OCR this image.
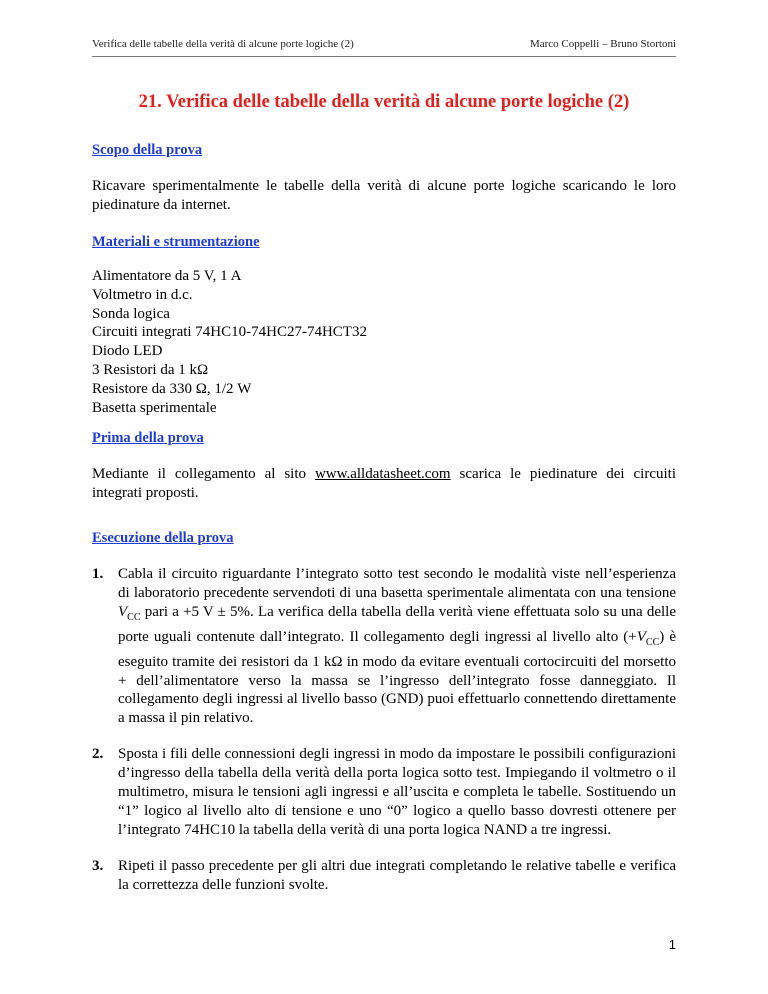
Verifica delle tabelle della verità di alcune porte logiche (2)	Marco Coppelli – Bruno Stortoni
21. Verifica delle tabelle della verità di alcune porte logiche (2)
Scopo della prova

Ricavare sperimentalmente le tabelle della verità di alcune porte logiche scaricando le loro piedinature da internet.

Materiali e strumentazione
Alimentatore da 5 V, 1 A
Voltmetro in d.c.
Sonda logica
Circuiti integrati 74HC10-74HC27-74HCT32
Diodo LED
3 Resistori da 1 kΩ
Resistore da 330 Ω, 1/2 W
Basetta sperimentale
Prima della prova

Mediante il collegamento al sito www.alldatasheet.com scarica le piedinature dei circuiti integrati proposti.

Esecuzione della prova
1. Cabla il circuito riguardante l’integrato sotto test secondo le modalità viste nell’esperienza di laboratorio precedente servendoti di una basetta sperimentale alimentata con una tensione $V_{CC}$ pari a +5 V ± 5%. La verifica della tabella della verità viene effettuata solo su una delle porte uguali contenute dall’integrato. Il collegamento degli ingressi al livello alto $(+V_{CC})$ è eseguito tramite dei resistori da 1 kΩ in modo da evitare eventuali cortocircuiti del morsetto + dell’alimentatore verso la massa se l’ingresso dell’integrato fosse danneggiato. Il collegamento degli ingressi al livello basso (GND) puoi effettuarlo connettendo direttamente a massa il pin relativo.
2. Sposta i fili delle connessioni degli ingressi in modo da impostare le possibili configurazioni d’ingresso della tabella della verità della porta logica sotto test. Impiegando il voltmetro o il multimetro, misura le tensioni agli ingressi e all’uscita e completa le tabelle. Sostituendo un “1” logico al livello alto di tensione e uno “0” logico a quello basso dovresti ottenere per l’integrato 74HC10 la tabella della verità di una porta logica NAND a tre ingressi.
3. Ripeti il passo precedente per gli altri due integrati completando le relative tabelle e verifica la correttezza delle funzioni svolte.
1
